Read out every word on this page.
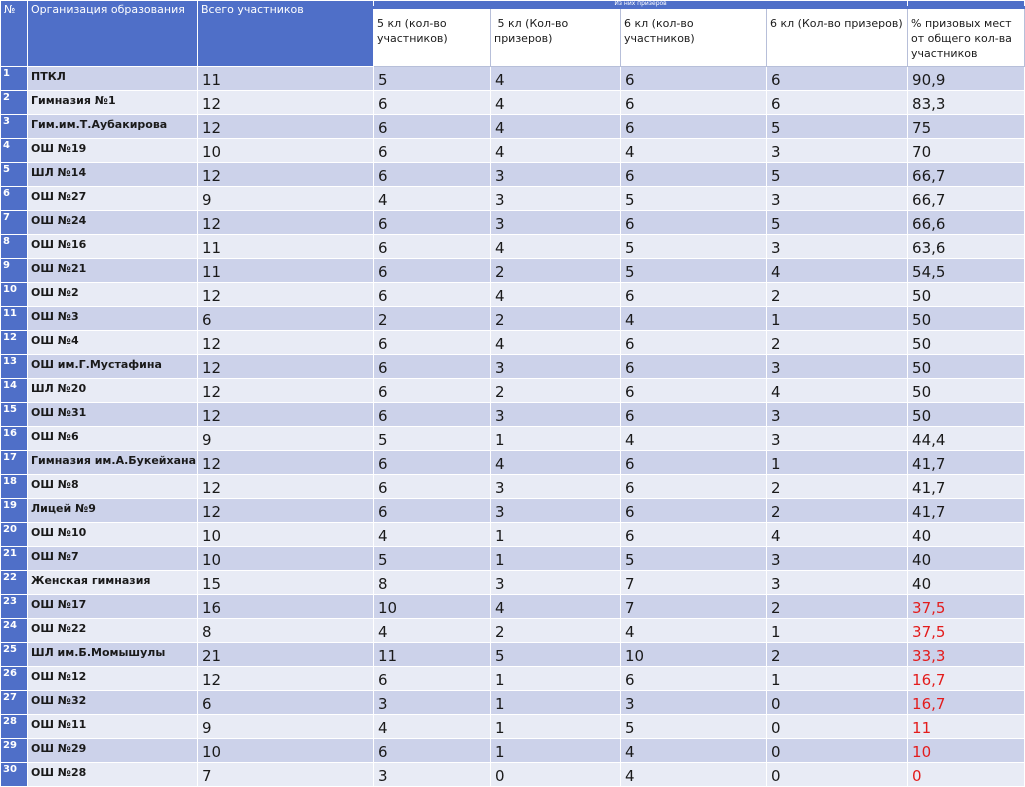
№	Организация образования	Всего участников	Из них призеров				
			5 кл (кол-во участников)	5 кл (Кол-во призеров)	6 кл (кол-во участников)	6 кл (Кол-во призеров)	% призовых мест от общего кол-ва участников
1	ПТКЛ	11	5	4	6	6	90,9
2	Гимназия №1	12	6	4	6	6	83,3
3	Гим.им.Т.Аубакирова	12	6	4	6	5	75
4	ОШ №19	10	6	4	4	3	70
5	ШЛ №14	12	6	3	6	5	66,7
6	ОШ №27	9	4	3	5	3	66,7
7	ОШ №24	12	6	3	6	5	66,6
8	ОШ №16	11	6	4	5	3	63,6
9	ОШ №21	11	6	2	5	4	54,5
10	ОШ №2	12	6	4	6	2	50
11	ОШ №3	6	2	2	4	1	50
12	ОШ №4	12	6	4	6	2	50
13	ОШ им.Г.Мустафина	12	6	3	6	3	50
14	ШЛ №20	12	6	2	6	4	50
15	ОШ №31	12	6	3	6	3	50
16	ОШ №6	9	5	1	4	3	44,4
17	Гимназия им.А.Букейхана	12	6	4	6	1	41,7
18	ОШ №8	12	6	3	6	2	41,7
19	Лицей №9	12	6	3	6	2	41,7
20	ОШ №10	10	4	1	6	4	40
21	ОШ №7	10	5	1	5	3	40
22	Женская гимназия	15	8	3	7	3	40
23	ОШ №17	16	10	4	7	2	37,5
24	ОШ №22	8	4	2	4	1	37,5
25	ШЛ им.Б.Момышулы	21	11	5	10	2	33,3
26	ОШ №12	12	6	1	6	1	16,7
27	ОШ №32	6	3	1	3	0	16,7
28	ОШ №11	9	4	1	5	0	11
29	ОШ №29	10	6	1	4	0	10
30	ОШ №28	7	3	0	4	0	0
